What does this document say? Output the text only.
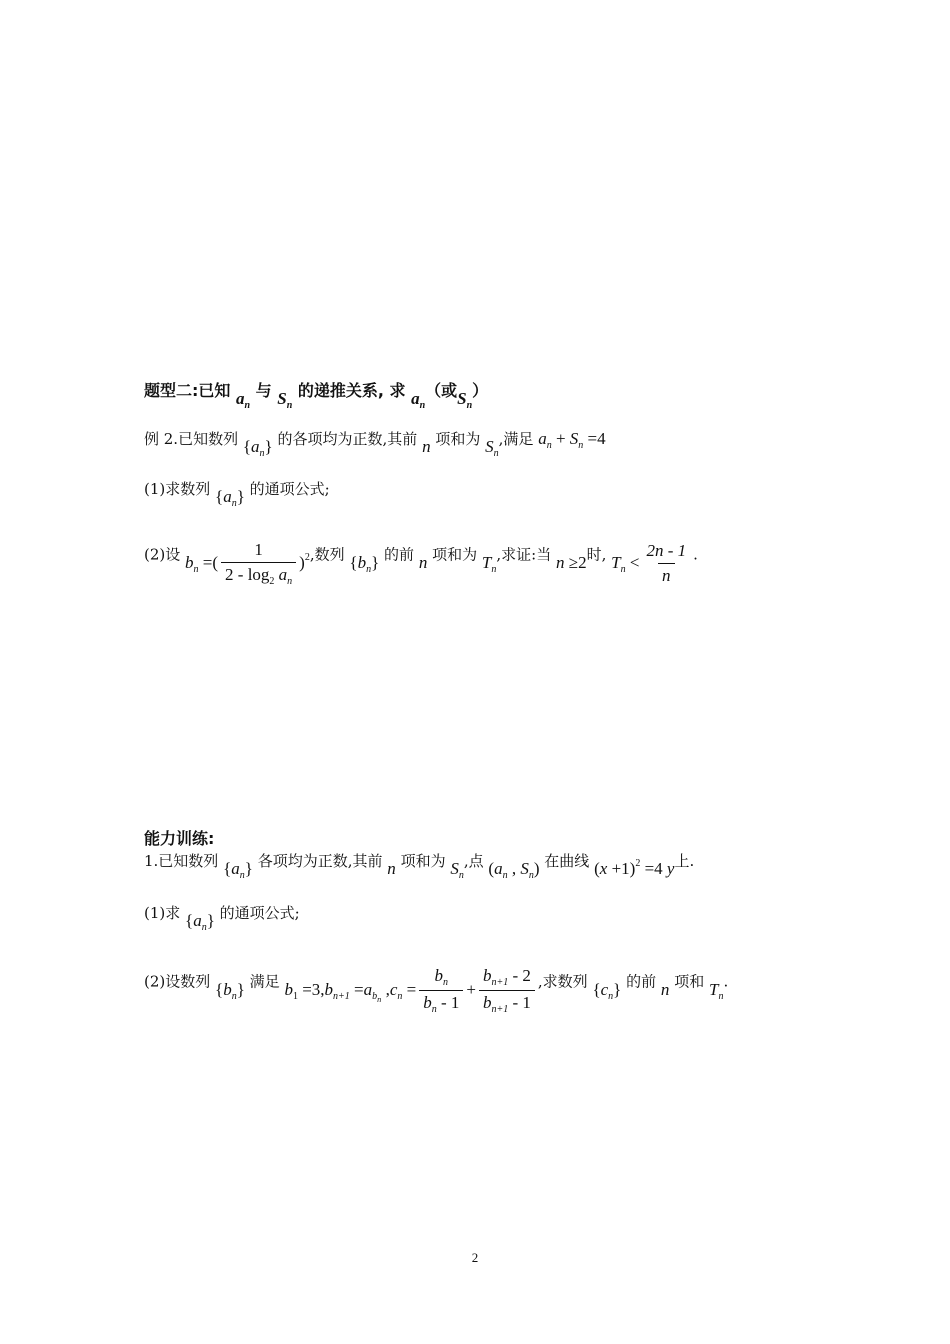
题型二:已知 $a_n$ 与 $S_n$ 的递推关系, 求 $a_n$（或$S_n$）
例 2.已知数列 $\{a_n\}$ 的各项均为正数,其前 n 项和为 $S_n$,满足 $a_n + S_n =4$
(1)求数列 $\{a_n\}$ 的通项公式;
(2)设 $b_n$ =( $\frac{1}{2 - \log_2 a_n} )^2$,数列 $\{b_n\}$ 的前 n 项和为 $T_n$,求证:当 n ≥2时, $T_n < \frac{2n - 1}{n}$ .
能力训练:
1.已知数列 $\{a_n\}$ 各项均为正数,其前 n 项和为 $S_n$,点 ($a_n$ , $S_n$) 在曲线 $(x +1)^2 =4$ y上.
(1)求 $\{a_n\}$ 的通项公式;
(2)设数列 $\{b_n\}$ 满足 $b_1 =3,b_{n+1} =a_{b_n}$ $,c_n = \frac{b_n}{b_n - 1} + \frac{b_{n+1} - 2}{b_{n+1} - 1}$ ,求数列 $\{c_n\}$ 的前 n 项和 $T_n$.
2
